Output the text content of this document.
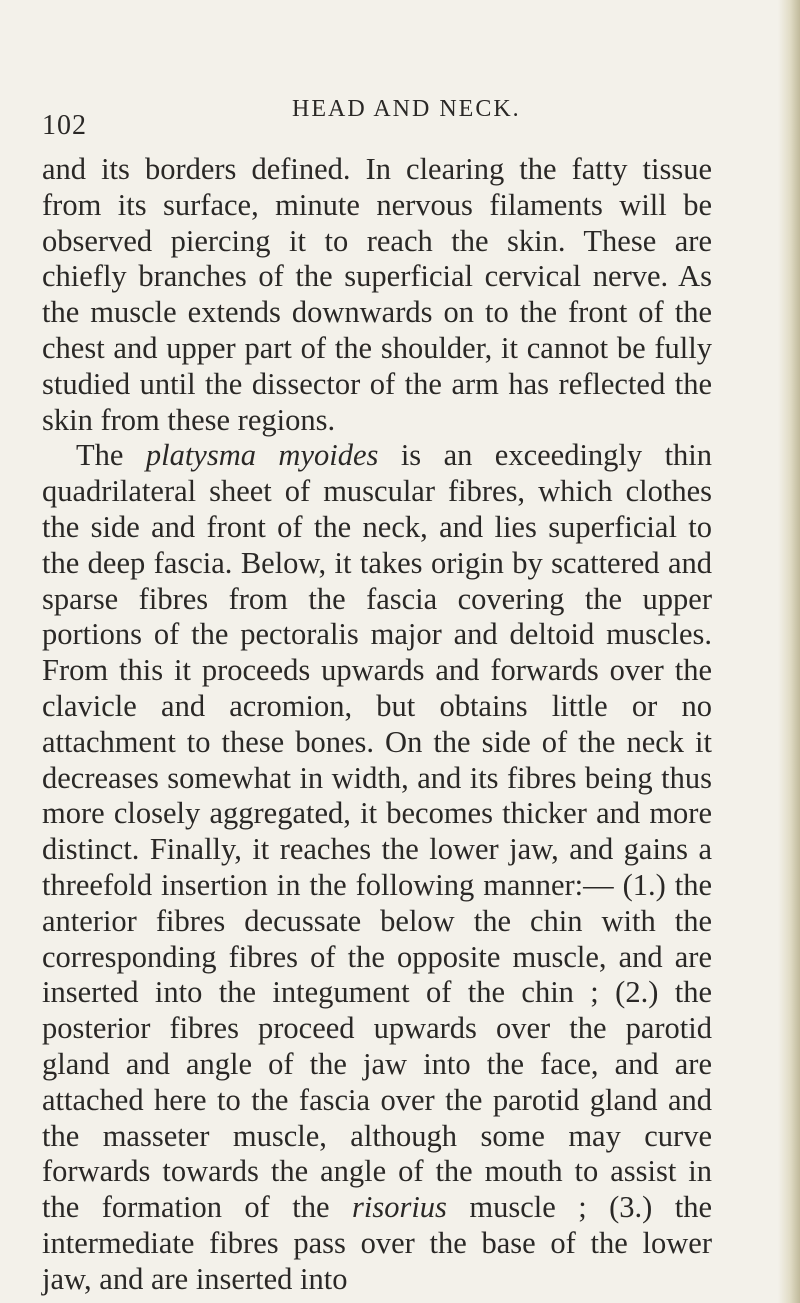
102
HEAD AND NECK.

and its borders defined. In clearing the fatty tissue from its surface, minute nervous filaments will be observed piercing it to reach the skin. These are chiefly branches of the superficial cervical nerve. As the muscle extends downwards on to the front of the chest and upper part of the shoulder, it cannot be fully studied until the dissector of the arm has reflected the skin from these regions.

The platysma myoides is an exceedingly thin quadrilateral sheet of muscular fibres, which clothes the side and front of the neck, and lies superficial to the deep fascia. Below, it takes origin by scattered and sparse fibres from the fascia covering the upper portions of the pectoralis major and deltoid muscles. From this it proceeds upwards and forwards over the clavicle and acromion, but obtains little or no attachment to these bones. On the side of the neck it decreases somewhat in width, and its fibres being thus more closely aggregated, it becomes thicker and more distinct. Finally, it reaches the lower jaw, and gains a threefold insertion in the following manner:— (1.) the anterior fibres decussate below the chin with the corresponding fibres of the opposite muscle, and are inserted into the integument of the chin ; (2.) the posterior fibres proceed upwards over the parotid gland and angle of the jaw into the face, and are attached here to the fascia over the parotid gland and the masseter muscle, although some may curve forwards towards the angle of the mouth to assist in the formation of the risorius muscle ; (3.) the intermediate fibres pass over the base of the lower jaw, and are inserted into
